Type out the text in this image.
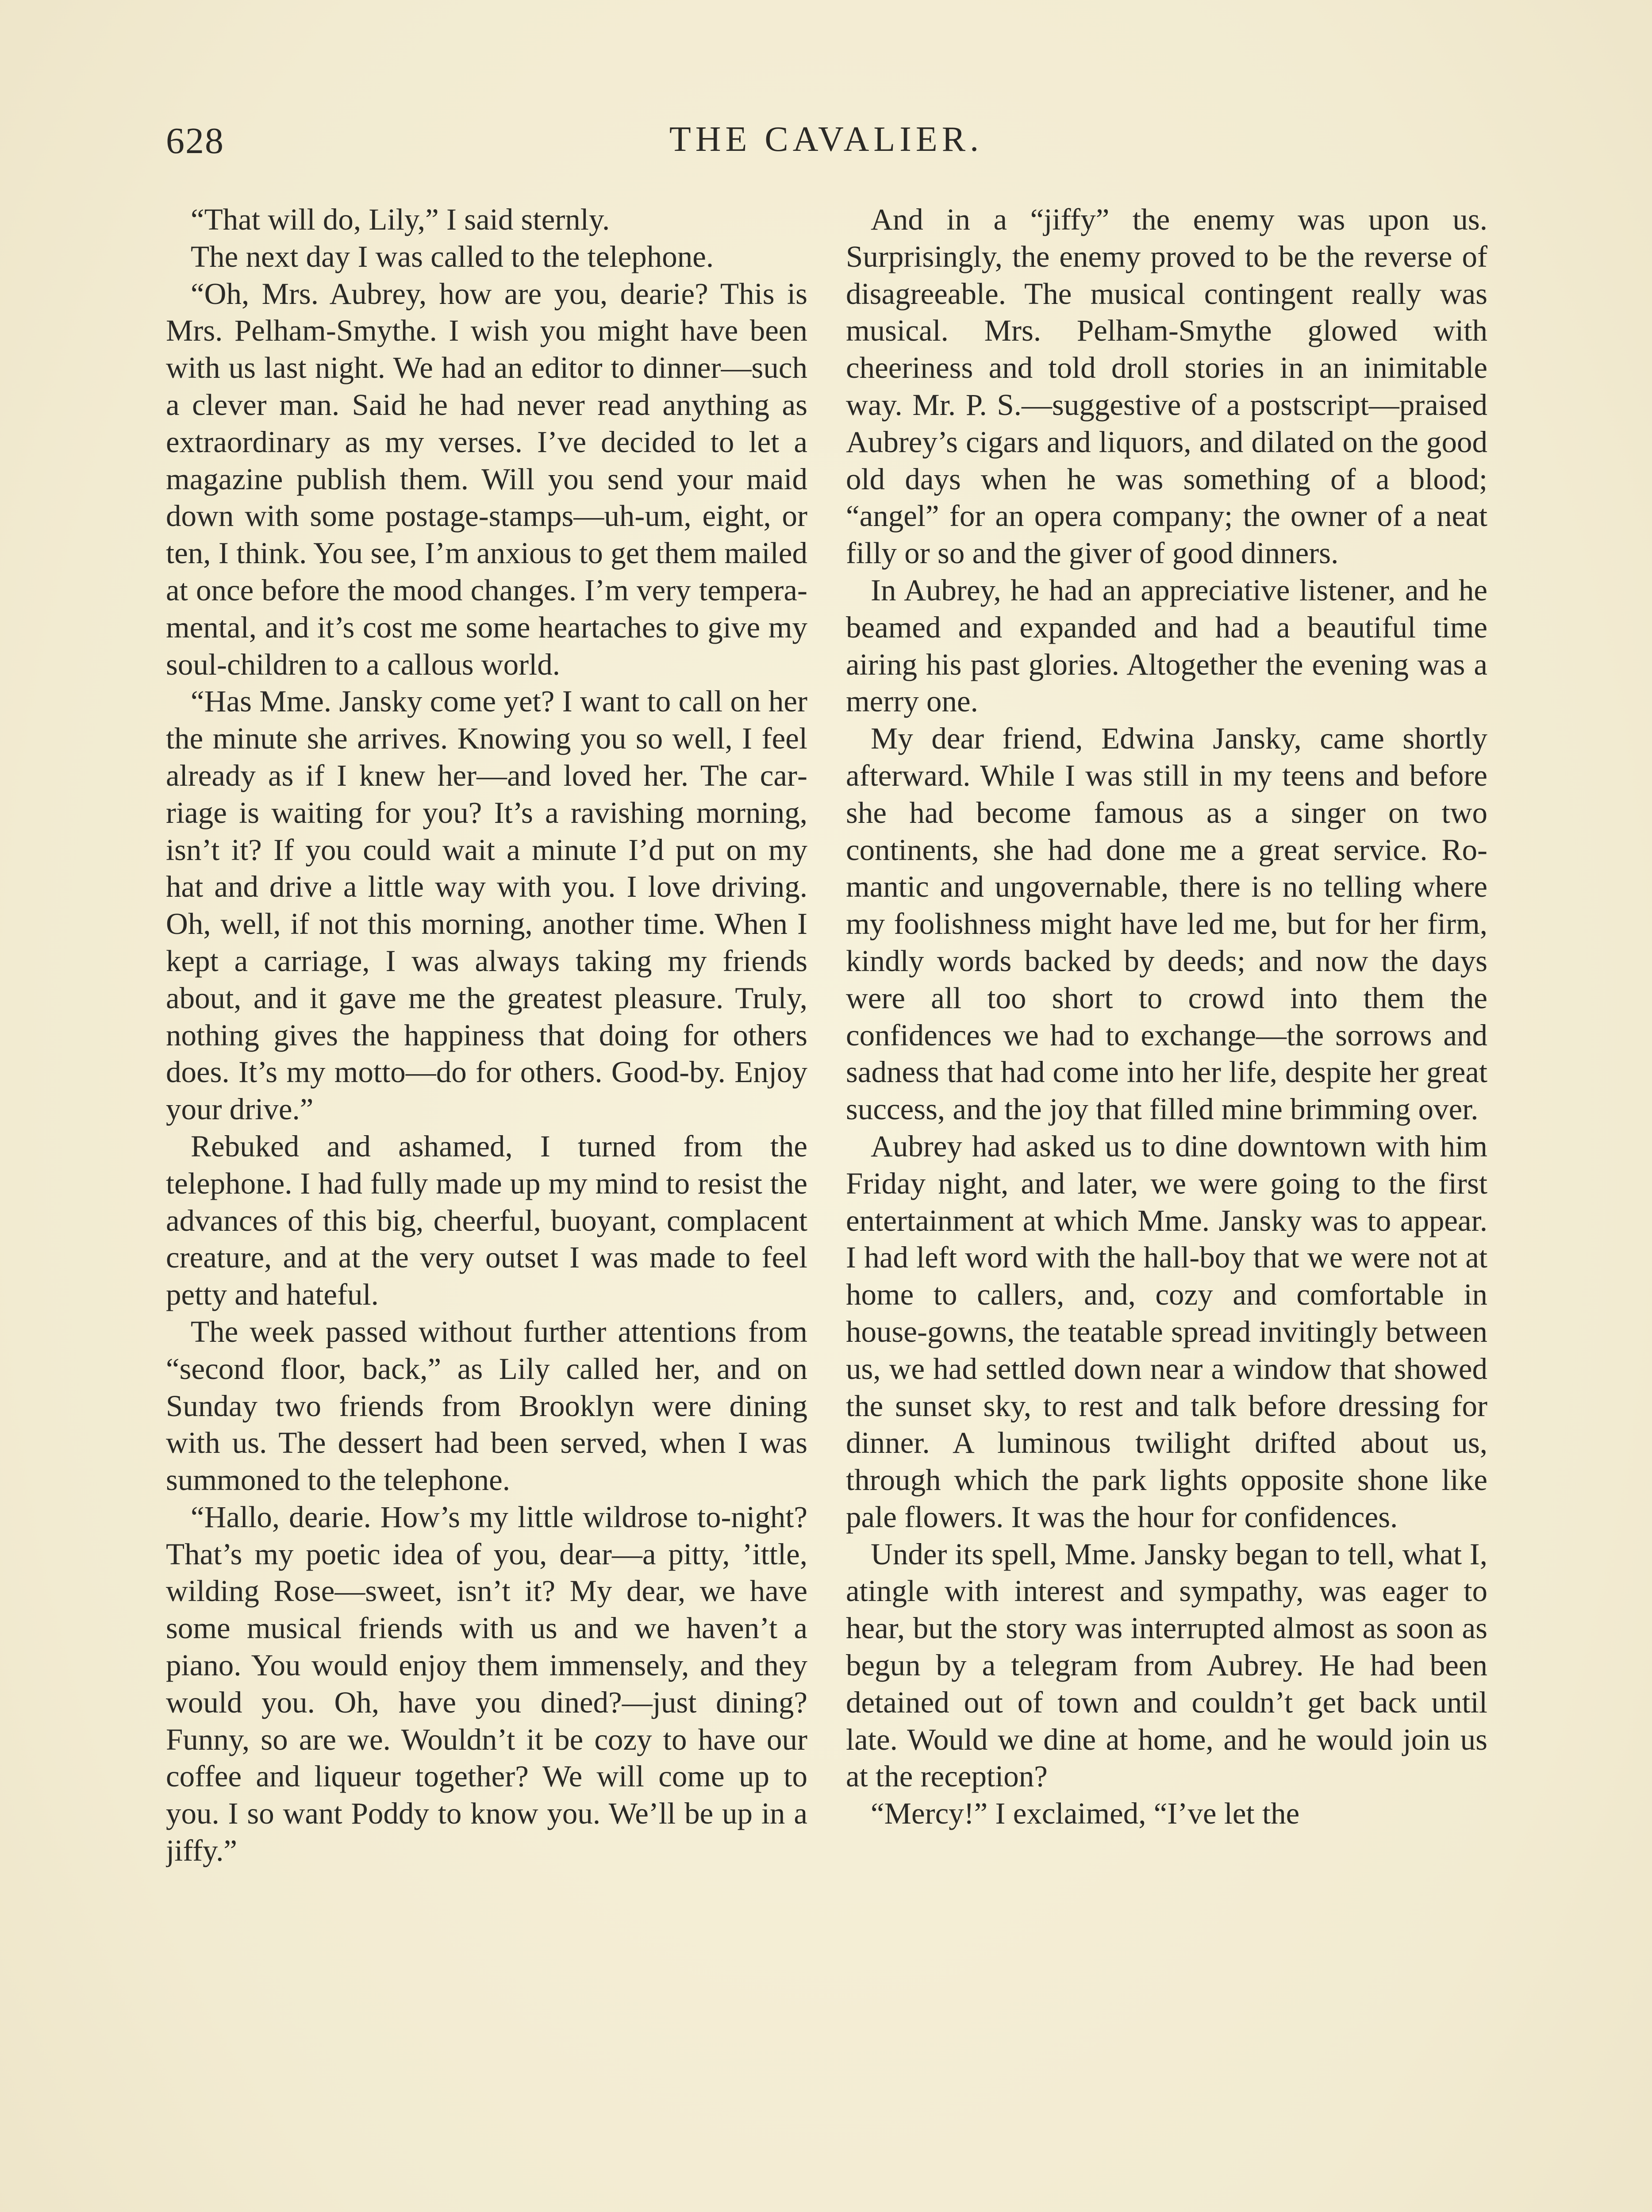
628	THE CAVALIER.

“That will do, Lily,” I said sternly.

The next day I was called to the telephone.

“Oh, Mrs. Aubrey, how are you, dearie? This is Mrs. Pelham-Smythe. I wish you might have been with us last night. We had an editor to dinner—such a clever man. Said he had never read anything as extraordinary as my verses. I’ve decided to let a magazine publish them. Will you send your maid down with some postage-stamps—uh-um, eight, or ten, I think. You see, I’m anxious to get them mailed at once before the mood changes. I’m very temperamental, and it’s cost me some heartaches to give my soul-children to a callous world.

“Has Mme. Jansky come yet? I want to call on her the minute she arrives. Knowing you so well, I feel already as if I knew her—and loved her. The carriage is waiting for you? It’s a ravishing morning, isn’t it? If you could wait a minute I’d put on my hat and drive a little way with you. I love driving. Oh, well, if not this morning, another time. When I kept a carriage, I was always taking my friends about, and it gave me the greatest pleasure. Truly, nothing gives the happiness that doing for others does. It’s my motto—do for others. Good-by. Enjoy your drive.”

Rebuked and ashamed, I turned from the telephone. I had fully made up my mind to resist the advances of this big, cheerful, buoyant, complacent creature, and at the very outset I was made to feel petty and hateful.

The week passed without further attentions from “second floor, back,” as Lily called her, and on Sunday two friends from Brooklyn were dining with us. The dessert had been served, when I was summoned to the telephone.

“Hallo, dearie. How’s my little wildrose to-night? That’s my poetic idea of you, dear—a pitty, ’ittle, wilding Rose—sweet, isn’t it? My dear, we have some musical friends with us and we haven’t a piano. You would enjoy them immensely, and they would you. Oh, have you dined?—just dining? Funny, so are we. Wouldn’t it be cozy to have our coffee and liqueur together? We will come up to you. I so want Poddy to know you. We’ll be up in a jiffy.”

And in a “jiffy” the enemy was upon us. Surprisingly, the enemy proved to be the reverse of disagreeable. The musical contingent really was musical. Mrs. Pelham-Smythe glowed with cheeriness and told droll stories in an inimitable way. Mr. P. S.—suggestive of a postscript—praised Aubrey’s cigars and liquors, and dilated on the good old days when he was something of a blood; “angel” for an opera company; the owner of a neat filly or so and the giver of good dinners.

In Aubrey, he had an appreciative listener, and he beamed and expanded and had a beautiful time airing his past glories. Altogether the evening was a merry one.

My dear friend, Edwina Jansky, came shortly afterward. While I was still in my teens and before she had become famous as a singer on two continents, she had done me a great service. Romantic and ungovernable, there is no telling where my foolishness might have led me, but for her firm, kindly words backed by deeds; and now the days were all too short to crowd into them the confidences we had to exchange—the sorrows and sadness that had come into her life, despite her great success, and the joy that filled mine brimming over.

Aubrey had asked us to dine downtown with him Friday night, and later, we were going to the first entertainment at which Mme. Jansky was to appear. I had left word with the hall-boy that we were not at home to callers, and, cozy and comfortable in house-gowns, the teatable spread invitingly between us, we had settled down near a window that showed the sunset sky, to rest and talk before dressing for dinner. A luminous twilight drifted about us, through which the park lights opposite shone like pale flowers. It was the hour for confidences.

Under its spell, Mme. Jansky began to tell, what I, atingle with interest and sympathy, was eager to hear, but the story was interrupted almost as soon as begun by a telegram from Aubrey. He had been detained out of town and couldn’t get back until late. Would we dine at home, and he would join us at the reception?

“Mercy!” I exclaimed, “I’ve let the
